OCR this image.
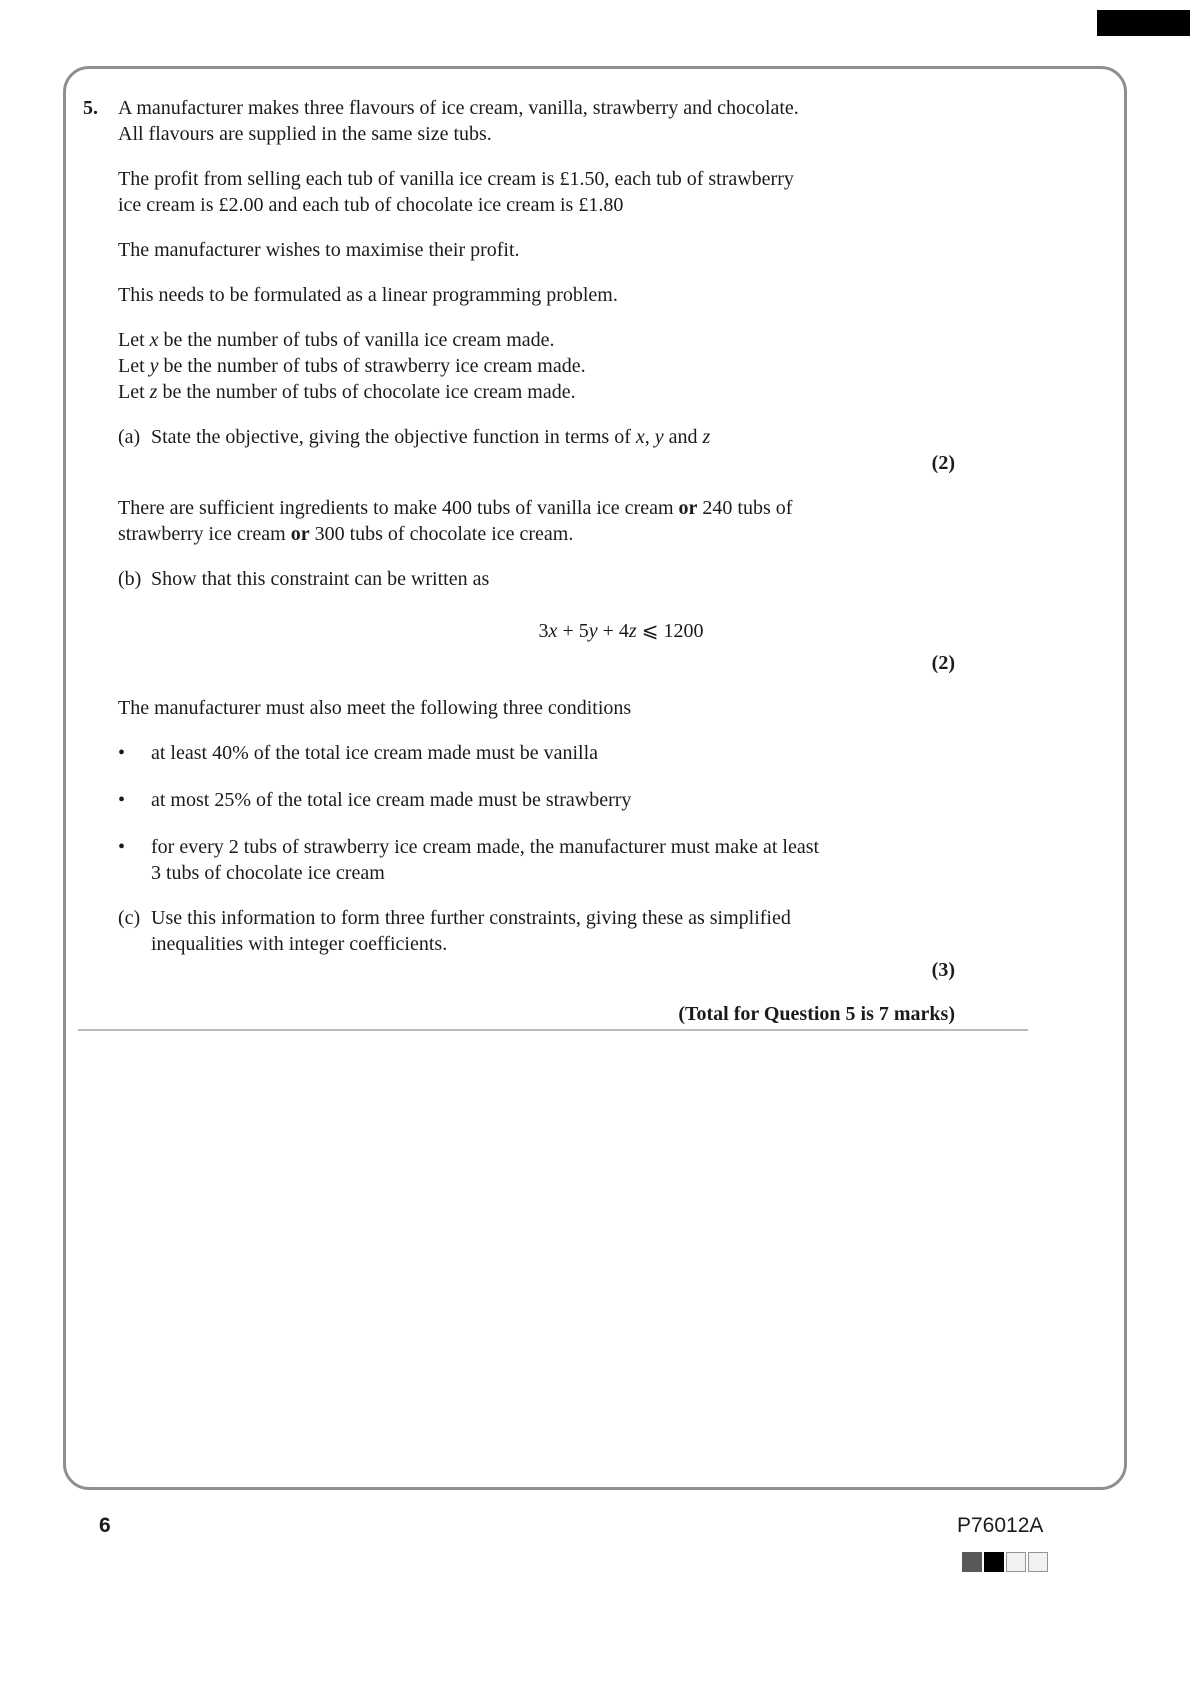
5. A manufacturer makes three flavours of ice cream, vanilla, strawberry and chocolate.
All flavours are supplied in the same size tubs.
The profit from selling each tub of vanilla ice cream is £1.50, each tub of strawberry
ice cream is £2.00 and each tub of chocolate ice cream is £1.80
The manufacturer wishes to maximise their profit.
This needs to be formulated as a linear programming problem.
Let x be the number of tubs of vanilla ice cream made.
Let y be the number of tubs of strawberry ice cream made.
Let z be the number of tubs of chocolate ice cream made.
(a) State the objective, giving the objective function in terms of x, y and z
(2)
There are sufficient ingredients to make 400 tubs of vanilla ice cream or 240 tubs of
strawberry ice cream or 300 tubs of chocolate ice cream.
(b) Show that this constraint can be written as
3x + 5y + 4z ⩽ 1200
(2)
The manufacturer must also meet the following three conditions
•	at least 40% of the total ice cream made must be vanilla
•	at most 25% of the total ice cream made must be strawberry
•	for every 2 tubs of strawberry ice cream made, the manufacturer must make at least
3 tubs of chocolate ice cream
(c) Use this information to form three further constraints, giving these as simplified
inequalities with integer coefficients.
(3)
(Total for Question 5 is 7 marks)
6	P76012A
